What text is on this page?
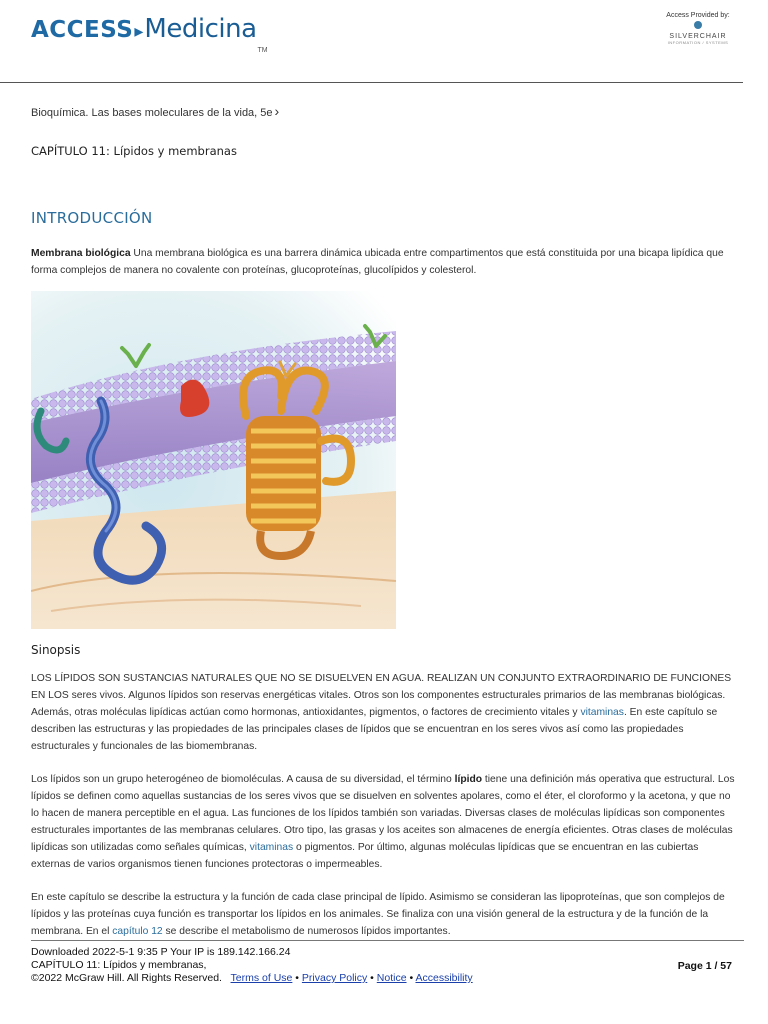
ACCESS ▸ Medicina
TM
Access Provided by:
SILVERCHAIR
INFORMATION / SYSTEMS
Bioquímica. Las bases moleculares de la vida, 5e ›
CAPÍTULO 11: Lípidos y membranas
INTRODUCCIÓN
Membrana biológica Una membrana biológica es una barrera dinámica ubicada entre compartimentos que está constituida por una bicapa lipídica que forma complejos de manera no covalente con proteínas, glucoproteínas, glucolípidos y colesterol.
Sinopsis
LOS LÍPIDOS SON SUSTANCIAS NATURALES QUE NO SE DISUELVEN EN AGUA. REALIZAN UN CONJUNTO EXTRAORDINARIO DE FUNCIONES EN LOS seres vivos. Algunos lípidos son reservas energéticas vitales. Otros son los componentes estructurales primarios de las membranas biológicas. Además, otras moléculas lipídicas actúan como hormonas, antioxidantes, pigmentos, o factores de crecimiento vitales y vitaminas. En este capítulo se describen las estructuras y las propiedades de las principales clases de lípidos que se encuentran en los seres vivos así como las propiedades estructurales y funcionales de las biomembranas.
Los lípidos son un grupo heterogéneo de biomoléculas. A causa de su diversidad, el término lípido tiene una definición más operativa que estructural. Los lípidos se definen como aquellas sustancias de los seres vivos que se disuelven en solventes apolares, como el éter, el cloroformo y la acetona, y que no lo hacen de manera perceptible en el agua. Las funciones de los lípidos también son variadas. Diversas clases de moléculas lipídicas son componentes estructurales importantes de las membranas celulares. Otro tipo, las grasas y los aceites son almacenes de energía eficientes. Otras clases de moléculas lipídicas son utilizadas como señales químicas, vitaminas o pigmentos. Por último, algunas moléculas lipídicas que se encuentran en las cubiertas externas de varios organismos tienen funciones protectoras o impermeables.
En este capítulo se describe la estructura y la función de cada clase principal de lípido. Asimismo se consideran las lipoproteínas, que son complejos de lípidos y las proteínas cuya función es transportar los lípidos en los animales. Se finaliza con una visión general de la estructura y de la función de la membrana. En el capítulo 12 se describe el metabolismo de numerosos lípidos importantes.
Downloaded 2022-5-1 9:35 P Your IP is 189.142.166.24
CAPÍTULO 11: Lípidos y membranas,
©2022 McGraw Hill. All Rights Reserved. Terms of Use • Privacy Policy • Notice • Accessibility
Page 1 / 57
